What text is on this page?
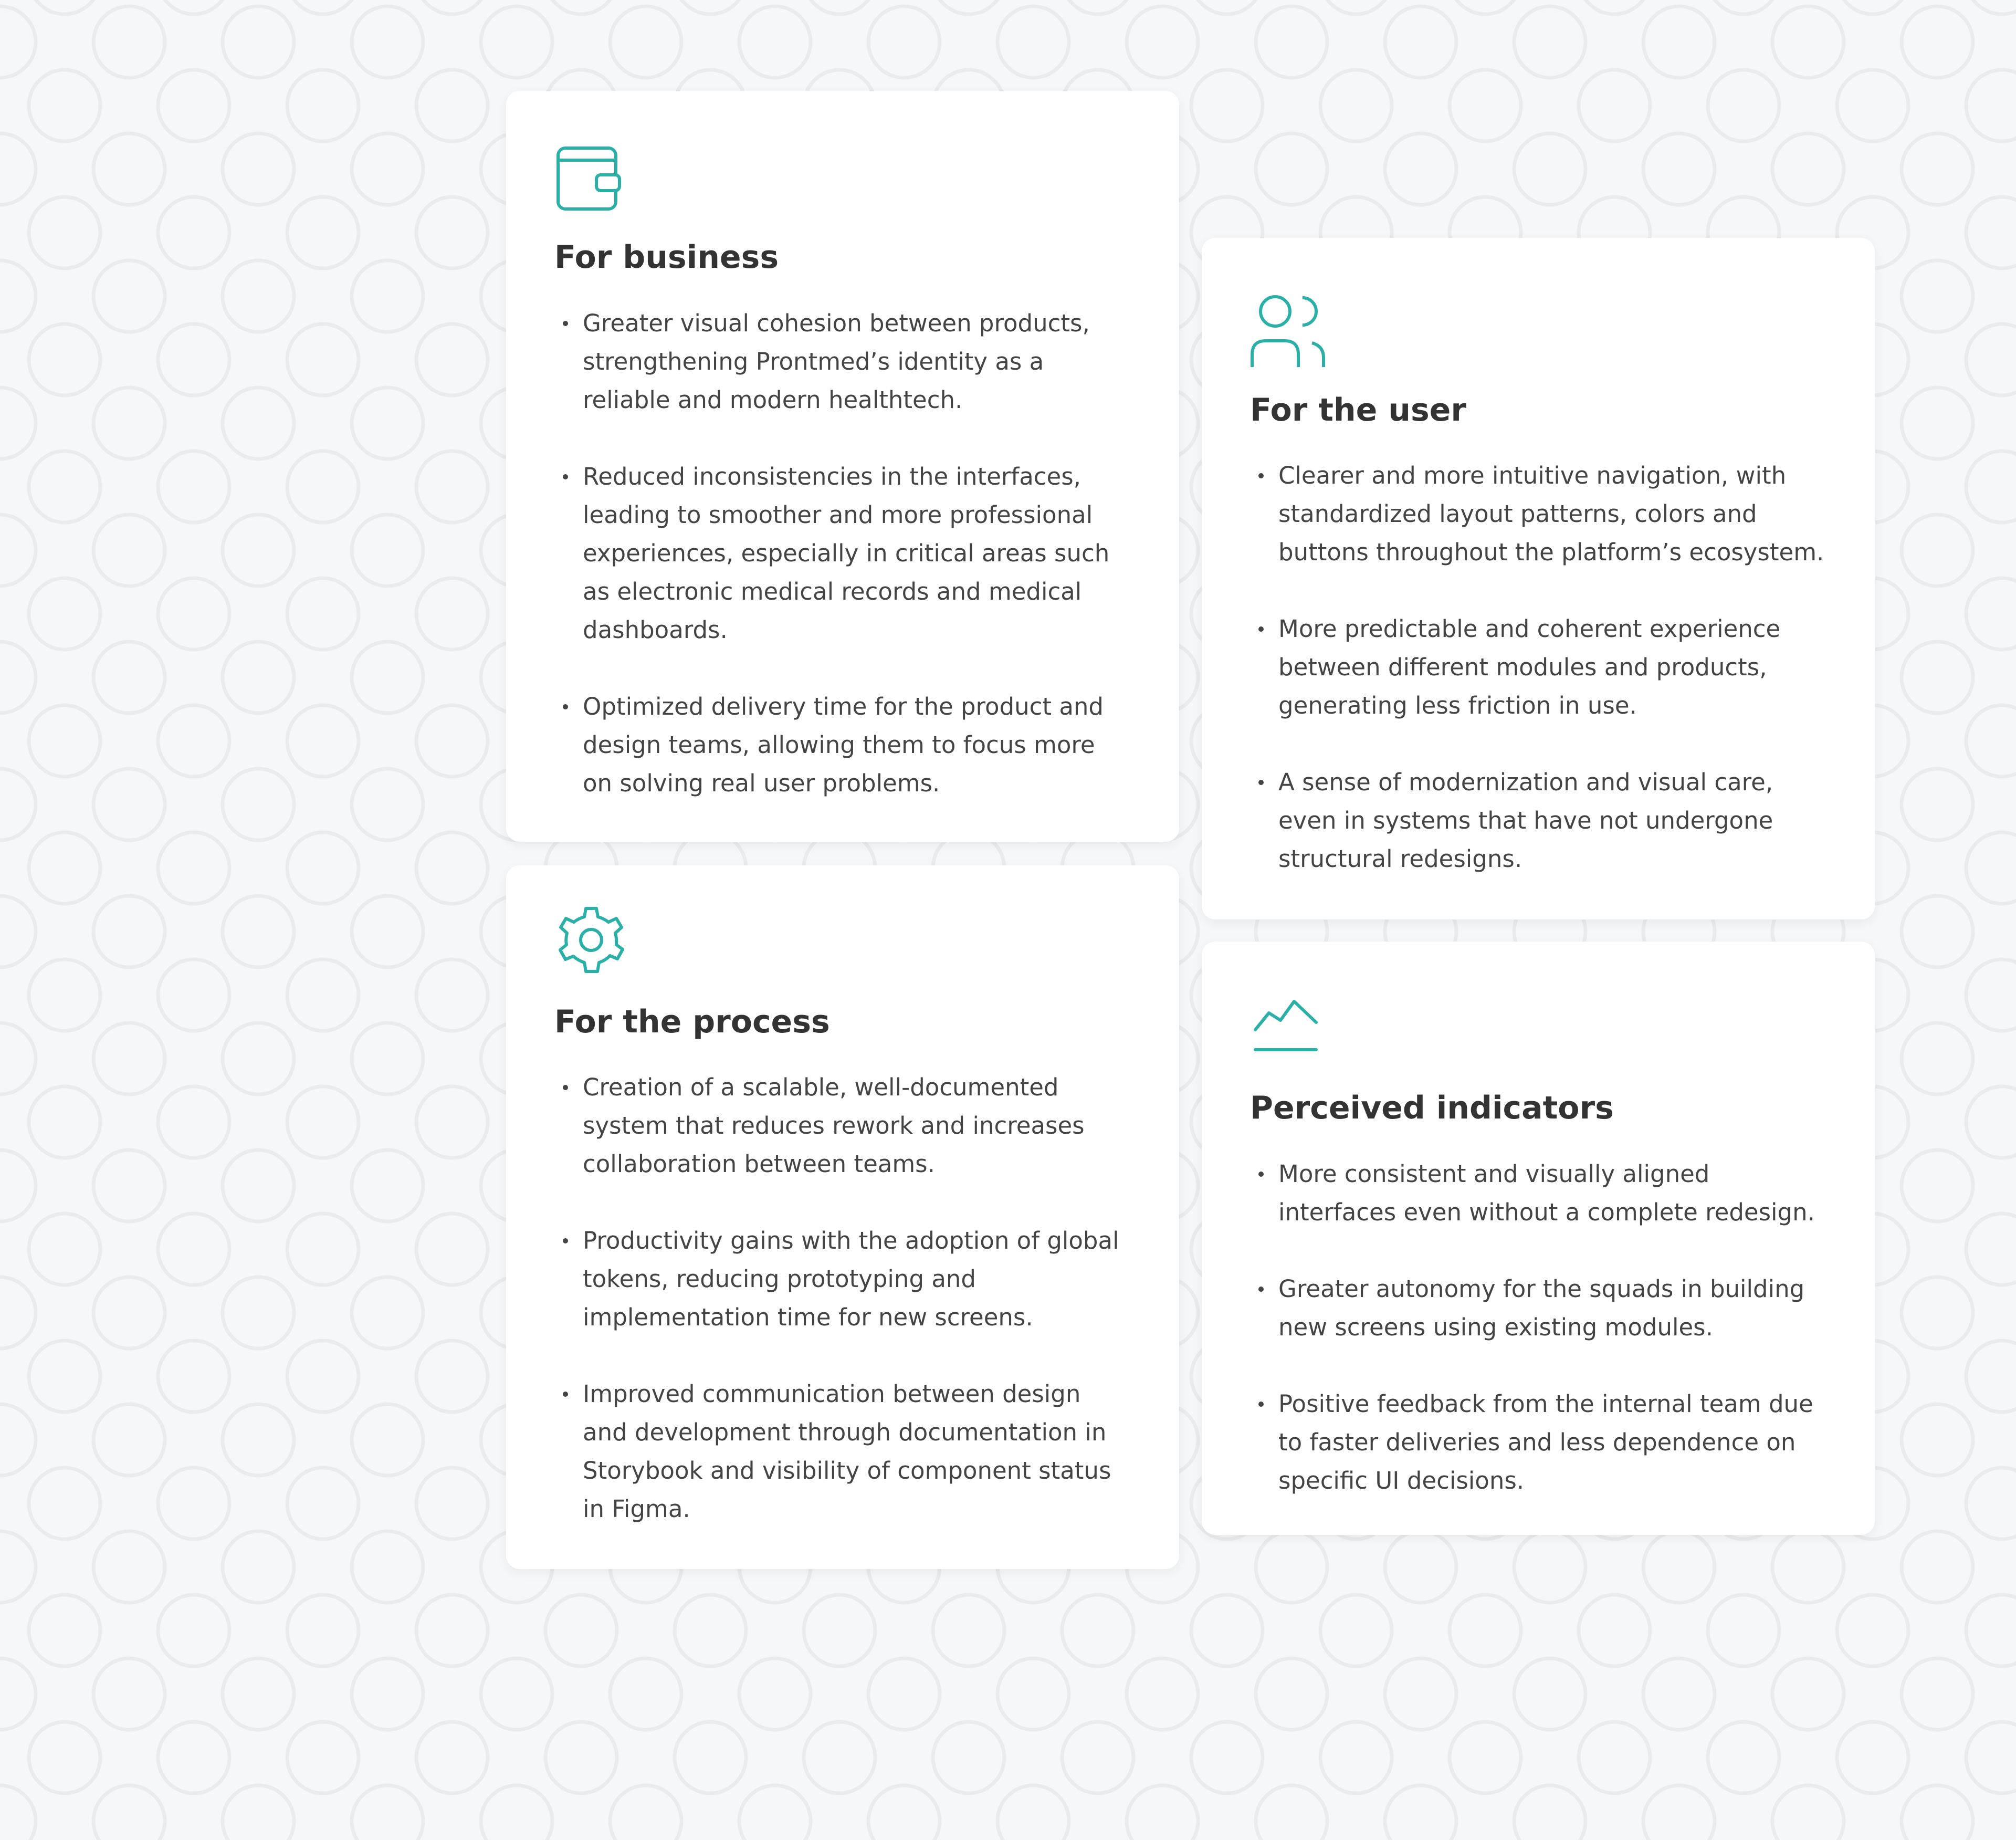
For business
Greater visual cohesion between products, strengthening Prontmed’s identity as a reliable and modern healthtech.
Reduced inconsistencies in the interfaces, leading to smoother and more professional experiences, especially in critical areas such as electronic medical records and medical dashboards.
Optimized delivery time for the product and design teams, allowing them to focus more on solving real user problems.
For the user
Clearer and more intuitive navigation, with standardized layout patterns, colors and buttons throughout the platform’s ecosystem.
More predictable and coherent experience between different modules and products, generating less friction in use.
A sense of modernization and visual care, even in systems that have not undergone structural redesigns.
For the process
Creation of a scalable, well-documented system that reduces rework and increases collaboration between teams.
Productivity gains with the adoption of global tokens, reducing prototyping and implementation time for new screens.
Improved communication between design and development through documentation in Storybook and visibility of component status in Figma.
Perceived indicators
More consistent and visually aligned interfaces even without a complete redesign.
Greater autonomy for the squads in building new screens using existing modules.
Positive feedback from the internal team due to faster deliveries and less dependence on specific UI decisions.
